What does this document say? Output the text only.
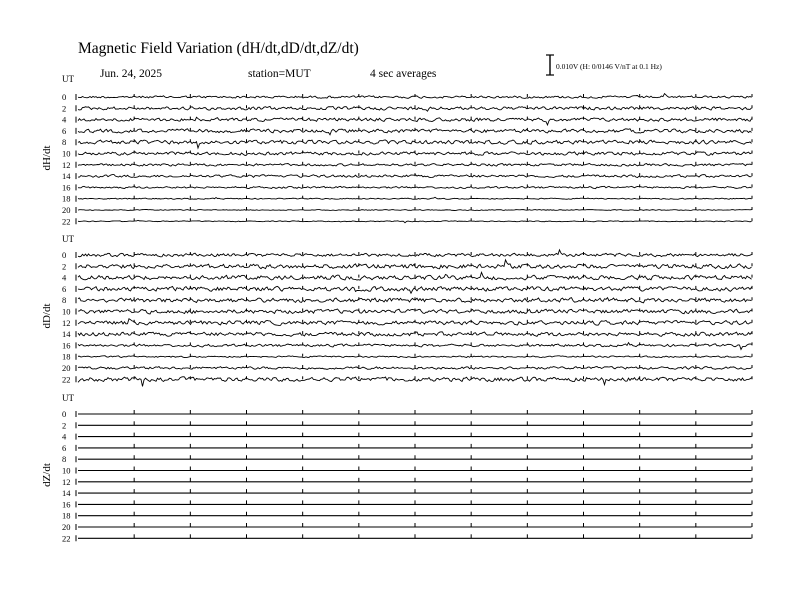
Magnetic Field Variation (dH/dt,dD/dt,dZ/dt)
Jun. 24, 2025	station=MUT	4 sec averages
0.010V (H: 0/0146 V/nT at 0.1 Hz)
UT
dH/dt
0
2
4
6
8
10
12
14
16
18
20
22
UT
dD/dt
0
2
4
6
8
10
12
14
16
18
20
22
UT
dZ/dt
0
2
4
6
8
10
12
14
16
18
20
22
